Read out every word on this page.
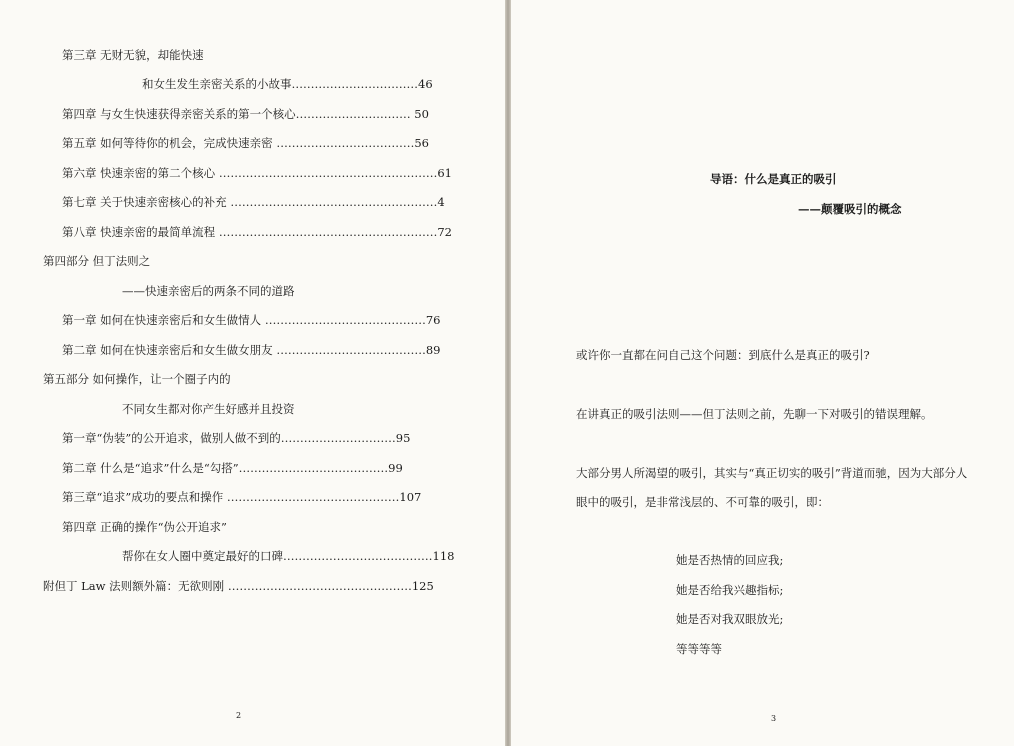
第三章 无财无貌，却能快速
和女生发生亲密关系的小故事……………………………46
第四章 与女生快速获得亲密关系的第一个核心………………………… 50
第五章 如何等待你的机会，完成快速亲密 ………………………………56
第六章 快速亲密的第二个核心 …………………………………………………61
第七章 关于快速亲密核心的补充 ………………………………………………4
第八章 快速亲密的最简单流程 …………………………………………………72
第四部分 但丁法则之
——快速亲密后的两条不同的道路
第一章 如何在快速亲密后和女生做情人 ……………………………………76
第二章 如何在快速亲密后和女生做女朋友 …………………………………89
第五部分 如何操作，让一个圈子内的
不同女生都对你产生好感并且投资
第一章“伪装”的公开追求，做别人做不到的…………………………95
第二章 什么是“追求”什么是“勾搭”…………………………………99
第三章“追求”成功的要点和操作 ………………………………………107
第四章 正确的操作“伪公开追求”
帮你在女人圈中奠定最好的口碑…………………………………118
附但丁 Law 法则额外篇：无欲则刚 …………………………………………125
2
导语：什么是真正的吸引
——颠覆吸引的概念
或许你一直都在问自己这个问题：到底什么是真正的吸引?
在讲真正的吸引法则——但丁法则之前，先聊一下对吸引的错误理解。
大部分男人所渴望的吸引，其实与“真正切实的吸引”背道而驰，因为大部分人
眼中的吸引，是非常浅层的、不可靠的吸引，即：
她是否热情的回应我;
她是否给我兴趣指标;
她是否对我双眼放光;
等等等等
3
